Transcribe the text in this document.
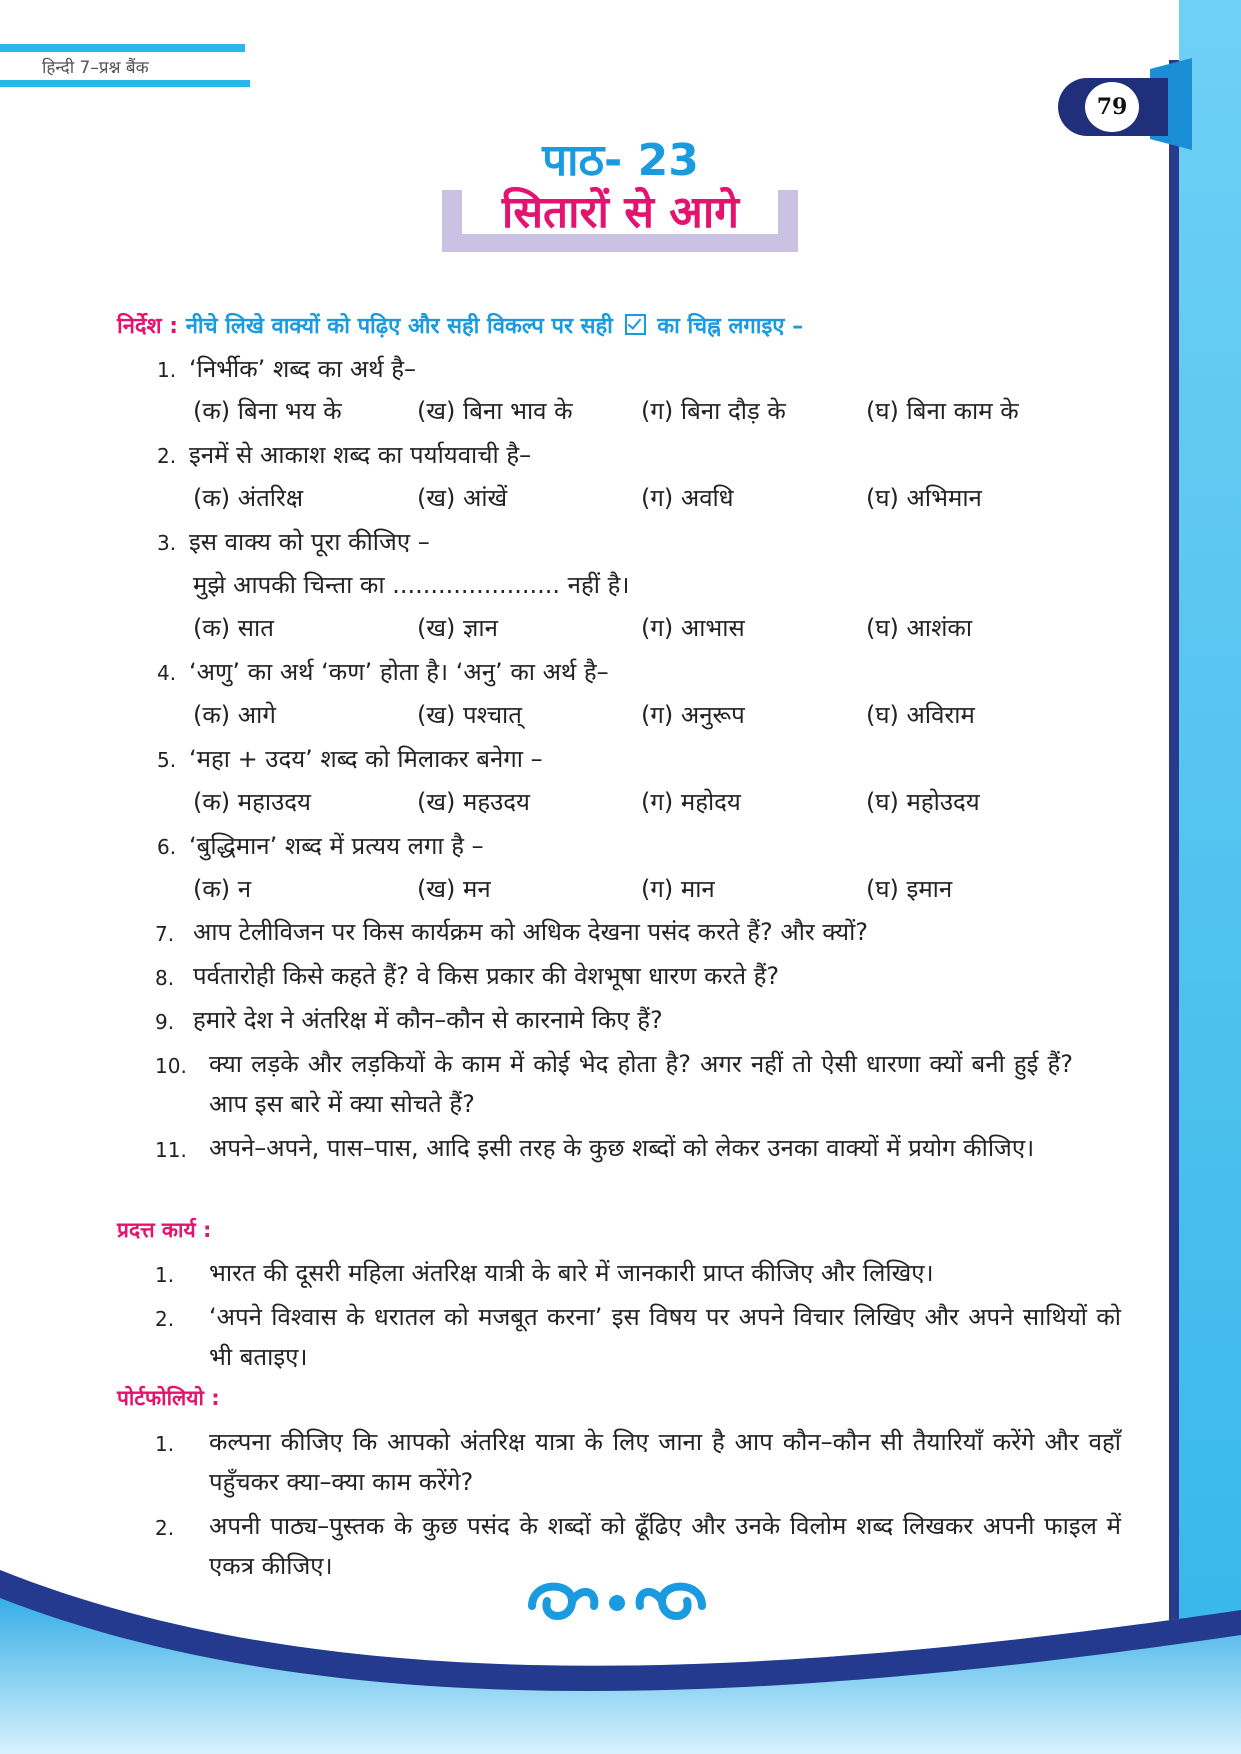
हिन्दी 7–प्रश्न बैंक
79
पाठ- 23
सितारों से आगे
निर्देश : नीचे लिखे वाक्यों को पढ़िए और सही विकल्प पर सही का चिह्न लगाइए –
1. ‘निर्भीक’ शब्द का अर्थ है–
(क) बिना भय के	(ख) बिना भाव के	(ग) बिना दौड़ के	(घ) बिना काम के
2. इनमें से आकाश शब्द का पर्यायवाची है–
(क) अंतरिक्ष	(ख) आंखें	(ग) अवधि	(घ) अभिमान
3. इस वाक्य को पूरा कीजिए –
मुझे आपकी चिन्ता का ...................... नहीं है।
(क) सात	(ख) ज्ञान	(ग) आभास	(घ) आशंका
4. ‘अणु’ का अर्थ ‘कण’ होता है। ‘अनु’ का अर्थ है–
(क) आगे	(ख) पश्चात्	(ग) अनुरूप	(घ) अविराम
5. ‘महा + उदय’ शब्द को मिलाकर बनेगा –
(क) महाउदय	(ख) महउदय	(ग) महोदय	(घ) महोउदय
6. ‘बुद्धिमान’ शब्द में प्रत्यय लगा है –
(क) न	(ख) मन	(ग) मान	(घ) इमान
7. आप टेलीविजन पर किस कार्यक्रम को अधिक देखना पसंद करते हैं? और क्यों?
8. पर्वतारोही किसे कहते हैं? वे किस प्रकार की वेशभूषा धारण करते हैं?
9. हमारे देश ने अंतरिक्ष में कौन–कौन से कारनामे किए हैं?
10. क्या लड़के और लड़कियों के काम में कोई भेद होता है? अगर नहीं तो ऐसी धारणा क्यों बनी हुई हैं? आप इस बारे में क्या सोचते हैं?
11. अपने–अपने, पास–पास, आदि इसी तरह के कुछ शब्दों को लेकर उनका वाक्यों में प्रयोग कीजिए।
प्रदत्त कार्य :
1. भारत की दूसरी महिला अंतरिक्ष यात्री के बारे में जानकारी प्राप्त कीजिए और लिखिए।
2. ‘अपने विश्वास के धरातल को मजबूत करना’ इस विषय पर अपने विचार लिखिए और अपने साथियों को भी बताइए।
पोर्टफोलियो :
1. कल्पना कीजिए कि आपको अंतरिक्ष यात्रा के लिए जाना है आप कौन–कौन सी तैयारियाँ करेंगे और वहाँ पहुँचकर क्या–क्या काम करेंगे?
2. अपनी पाठ्य–पुस्तक के कुछ पसंद के शब्दों को ढूँढिए और उनके विलोम शब्द लिखकर अपनी फाइल में एकत्र कीजिए।
